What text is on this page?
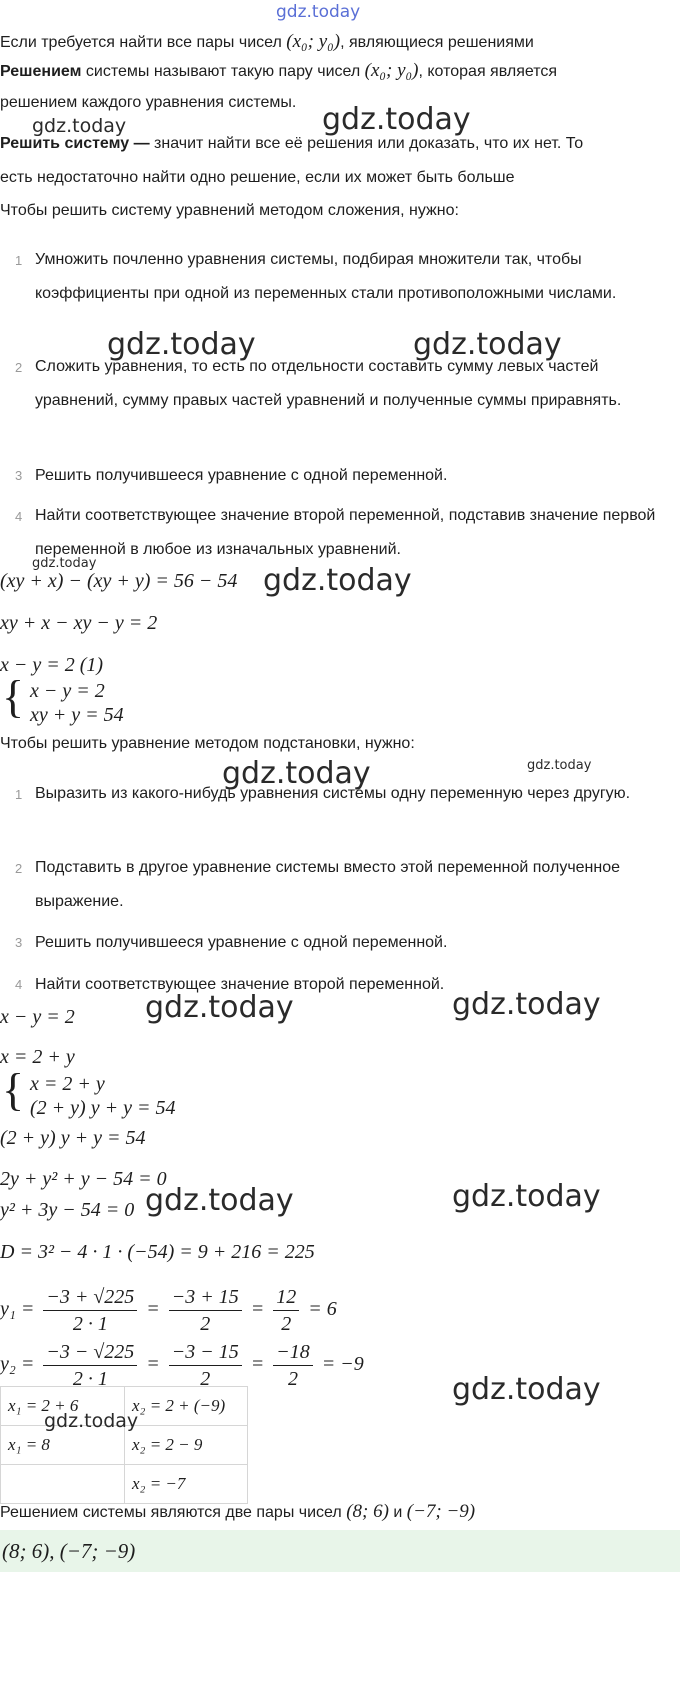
gdz.today
Если требуется найти все пары чисел (x₀; y₀), являющиеся решениями
Решением системы называют такую пару чисел (x₀; y₀), которая является
решением каждого уравнения системы.
Решить систему — значит найти все её решения или доказать, что их нет. То
есть недостаточно найти одно решение, если их может быть больше
Чтобы решить систему уравнений методом сложения, нужно:
1 Умножить почленно уравнения системы, подбирая множители так, чтобы коэффициенты при одной из переменных стали противоположными числами.
2 Сложить уравнения, то есть по отдельности составить сумму левых частей уравнений, сумму правых частей уравнений и полученные суммы приравнять.
3 Решить получившееся уравнение с одной переменной.
4 Найти соответствующее значение второй переменной, подставив значение первой переменной в любое из изначальных уравнений.
(xy + x) − (xy + y) = 56 − 54
xy + x − xy − y = 2
x − y = 2 (1)
{ x − y = 2
xy + y = 54
Чтобы решить уравнение методом подстановки, нужно:
1 Выразить из какого-нибудь уравнения системы одну переменную через другую.
2 Подставить в другое уравнение системы вместо этой переменной полученное выражение.
3 Решить получившееся уравнение с одной переменной.
4 Найти соответствующее значение второй переменной.
x − y = 2
x = 2 + y
{ x = 2 + y
(2 + y) y + y = 54
(2 + y) y + y = 54
2y + y² + y − 54 = 0
y² + 3y − 54 = 0
D = 3² − 4 · 1 · (−54) = 9 + 216 = 225
$y_1 = \frac{-3 + √225}{2 \cdot 1} = \frac{-3 + 15}{2} = \frac{12}{2} = 6$
$y_2 = \frac{-3 - √225}{2 \cdot 1} = \frac{-3 - 15}{2} = \frac{-18}{2} = -9$
x₁ = 2 + 6	x₂ = 2 + (−9)
x₁ = 8	x₂ = 2 − 9
	x₂ = −7
Решением системы являются две пары чисел (8; 6) и (−7; −9)
(8; 6), (−7; −9)
gdz.today	gdz.today
gdz.today	gdz.today
gdz.today	gdz.today
gdz.today	gdz.today
gdz.today	gdz.today
gdz.today	gdz.today
gdz.today
gdz.today
